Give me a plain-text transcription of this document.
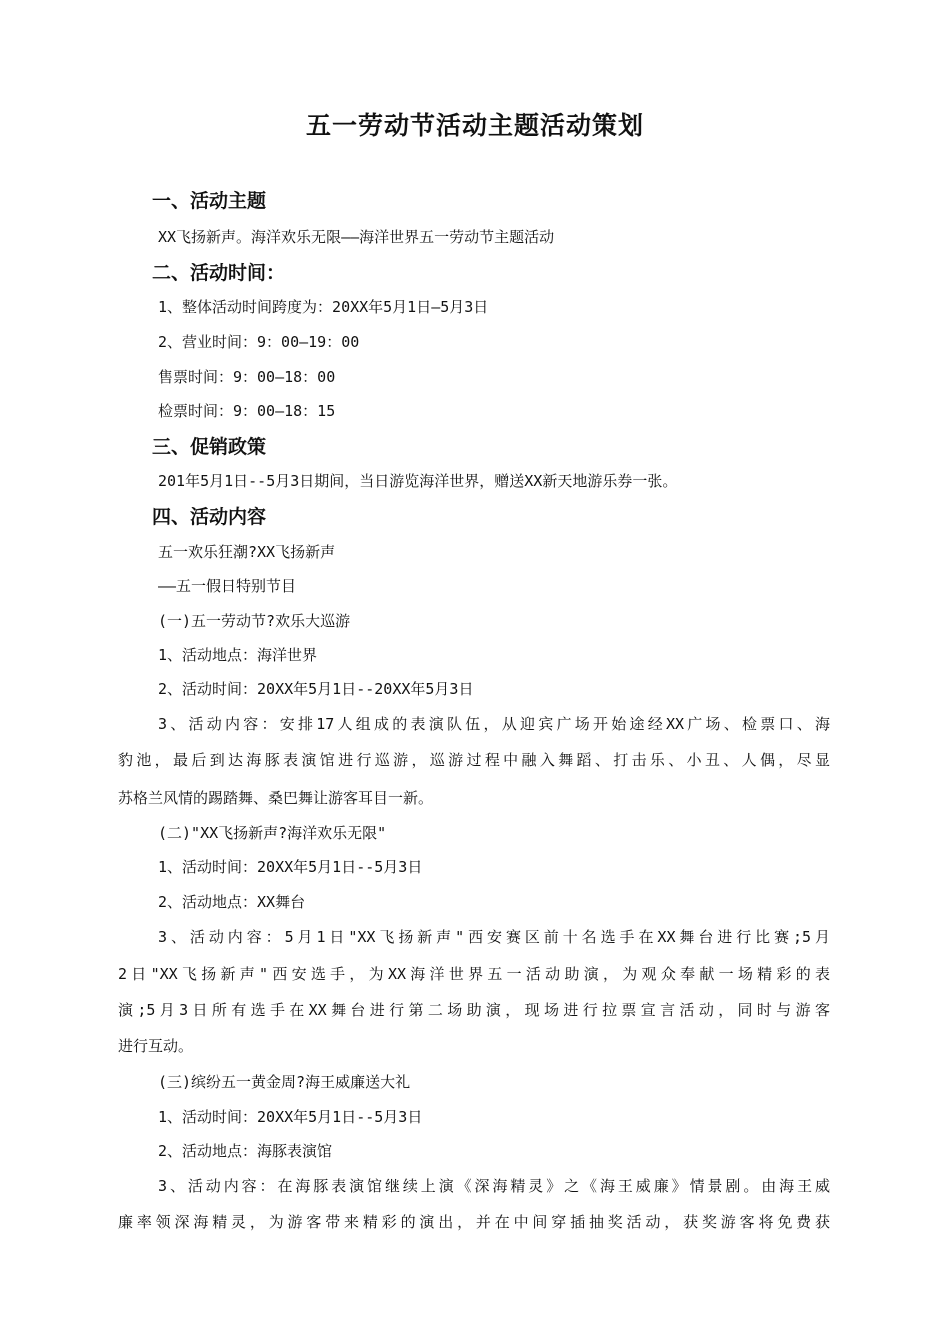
五一劳动节活动主题活动策划
一、活动主题
XX飞扬新声。海洋欢乐无限——海洋世界五一劳动节主题活动
二、活动时间：
1、整体活动时间跨度为：20XX年5月1日—5月3日
2、营业时间：9：00—19：00
售票时间：9：00—18：00
检票时间：9：00—18：15
三、促销政策
201年5月1日--5月3日期间，当日游览海洋世界，赠送XX新天地游乐券一张。
四、活动内容
五一欢乐狂潮?XX飞扬新声
——五一假日特别节目
(一)五一劳动节?欢乐大巡游
1、活动地点：海洋世界
2、活动时间：20XX年5月1日--20XX年5月3日
3、活动内容：安排17人组成的表演队伍，从迎宾广场开始途经XX广场、检票口、海
豹池，最后到达海豚表演馆进行巡游，巡游过程中融入舞蹈、打击乐、小丑、人偶，尽显
苏格兰风情的踢踏舞、桑巴舞让游客耳目一新。
(二)"XX飞扬新声?海洋欢乐无限"
1、活动时间：20XX年5月1日--5月3日
2、活动地点：XX舞台
3、活动内容：5月1日"XX飞扬新声"西安赛区前十名选手在XX舞台进行比赛;5月
2日"XX飞扬新声"西安选手，为XX海洋世界五一活动助演，为观众奉献一场精彩的表
演;5月3日所有选手在XX舞台进行第二场助演，现场进行拉票宣言活动，同时与游客
进行互动。
(三)缤纷五一黄金周?海王威廉送大礼
1、活动时间：20XX年5月1日--5月3日
2、活动地点：海豚表演馆
3、活动内容：在海豚表演馆继续上演《深海精灵》之《海王威廉》情景剧。由海王威
廉率领深海精灵，为游客带来精彩的演出，并在中间穿插抽奖活动，获奖游客将免费获
